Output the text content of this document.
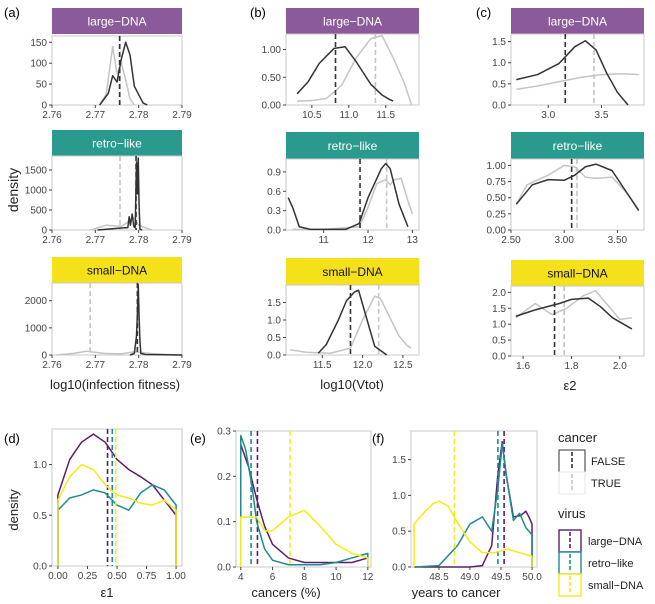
(a)	(b)	(c)
(d)	(e)	(f)
density
log10(infection fitness)	log10(Vtot)	ε2
density
ε1	cancers (%)	years to cancer
cancer
FALSE
TRUE
virus
large−DNA
retro−like
small−DNA
large−DNA
2.76 2.77 2.78 2.79
0
50
100
150
retro−like
2.76 2.77 2.78 2.79
0
500
1000
1500
small−DNA
2.76 2.77 2.78 2.79
0
1000
2000
large−DNA
10.5 11.0 11.5
0.00
0.50
1.00
retro−like
11	12	13
0.0
0.3
0.6
0.9
small−DNA
11.5 12.0 12.5
0.0
0.5
1.0
1.5
large−DNA
3.0	3.5
0.0
0.5
1.0
1.5
retro−like
2.50	3.00	3.50
0.00
0.25
0.50
0.75
1.00
small−DNA
1.6	1.8	2.0
0.0
0.5
1.0
1.5
2.0
0.00 0.25 0.50 0.75 1.00
0.0
0.5
1.0
4	6	8 10 12
0.0
0.1
0.2
0.3
48.5 49.0 49.5 50.0
0.0
0.5
1.0
1.5
